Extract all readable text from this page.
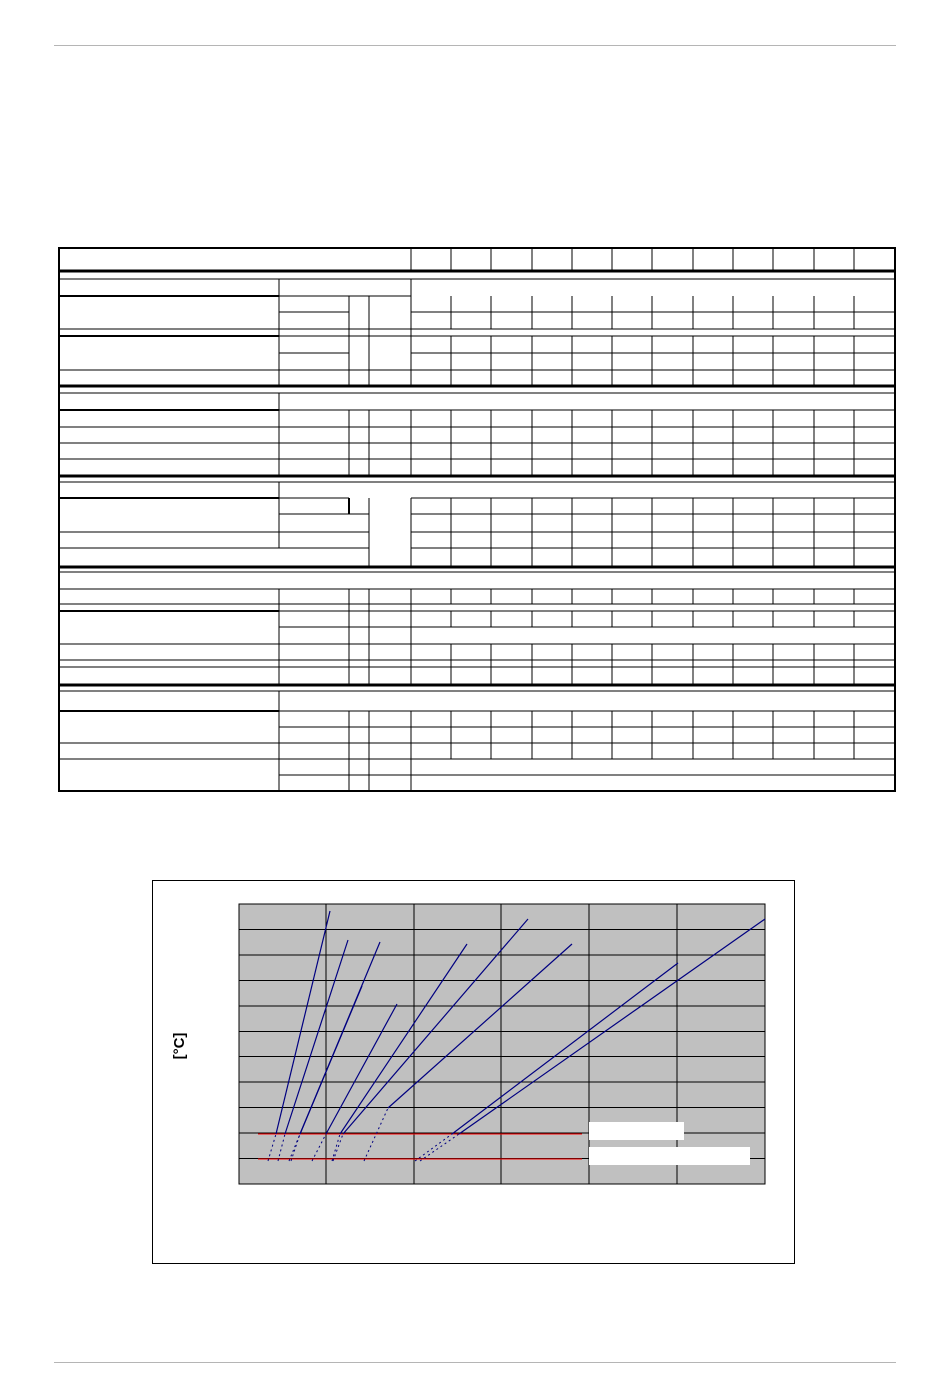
[°C]
